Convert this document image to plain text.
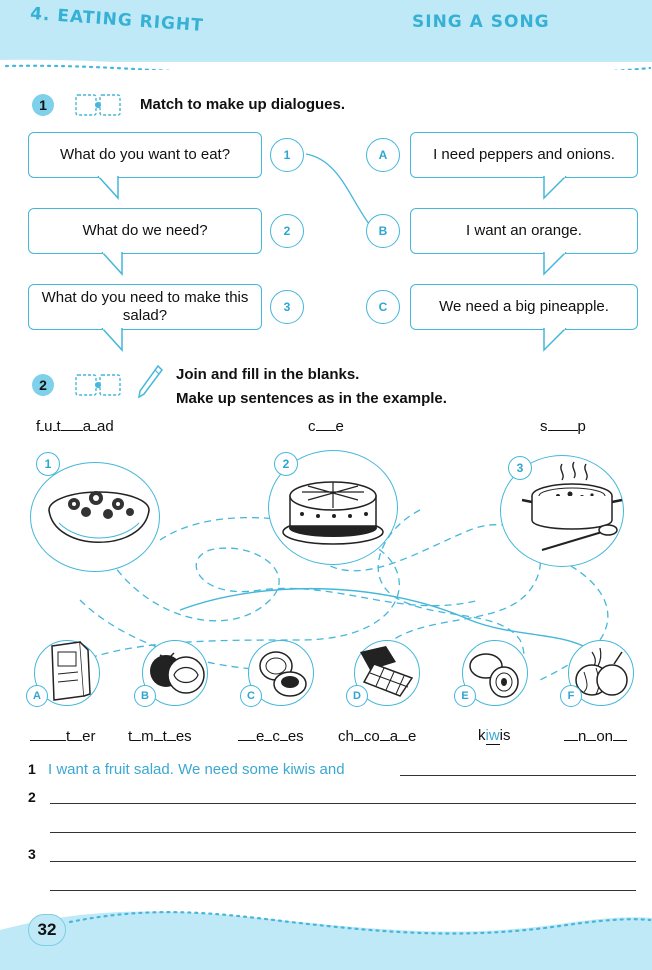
4. EATING RIGHT	SING A SONG
1	Match to make up dialogues.
What do you want to eat?	1
What do we need?	2
What do you need to make this salad?	3
A	I need peppers and onions.
B	I want an orange.
C	We need a big pineapple.
2
Join and fill in the blanks.
Make up sentences as in the example.
f u t a ad	c e	s p
1	2	3
A	B	C	D	E	F
t er t m t es	e c es ch co a e	kiwis	n on
1 I want a fruit salad. We need some kiwis and
2
3
32
